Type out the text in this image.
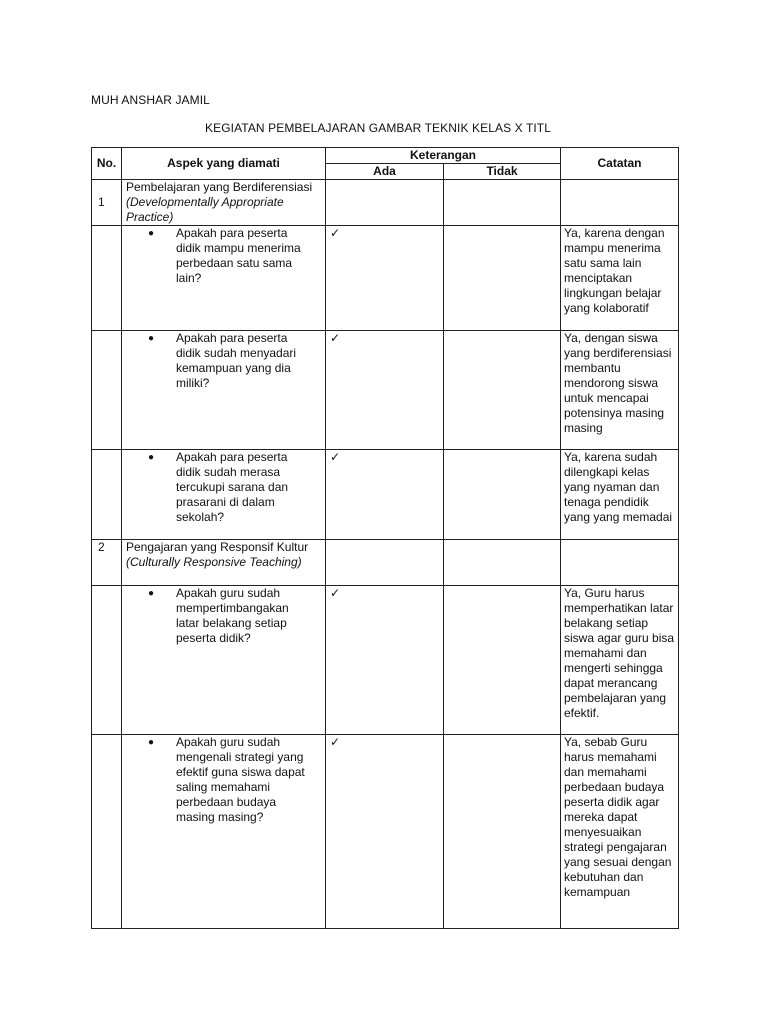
MUH ANSHAR JAMIL
KEGIATAN PEMBELAJARAN GAMBAR TEKNIK KELAS X TITL
No.	Aspek yang diamati	Keterangan		Catatan
		Ada	Tidak	
1	Pembelajaran yang Berdiferensiasi (Developmentally Appropriate Practice)			

	● Apakah para peserta didik mampu menerima perbedaan satu sama lain?	✓		Ya, karena dengan mampu menerima satu sama lain menciptakan lingkungan belajar yang kolaboratif

	● Apakah para peserta didik sudah menyadari kemampuan yang dia miliki?	✓		Ya, dengan siswa yang berdiferensiasi membantu mendorong siswa untuk mencapai potensinya masing masing

	● Apakah para peserta didik sudah merasa tercukupi sarana dan prasarani di dalam sekolah?	✓		Ya, karena sudah dilengkapi kelas yang nyaman dan tenaga pendidik yang yang memadai
2	Pengajaran yang Responsif Kultur (Culturally Responsive Teaching)			

	● Apakah guru sudah mempertimbangakan latar belakang setiap peserta didik?	✓		Ya, Guru harus memperhatikan latar belakang setiap siswa agar guru bisa memahami dan mengerti sehingga dapat merancang pembelajaran yang efektif.

	● Apakah guru sudah mengenali strategi yang efektif guna siswa dapat saling memahami perbedaan budaya masing masing?	✓		Ya, sebab Guru harus memahami dan memahami perbedaan budaya peserta didik agar mereka dapat menyesuaikan strategi pengajaran yang sesuai dengan kebutuhan dan kemampuan
